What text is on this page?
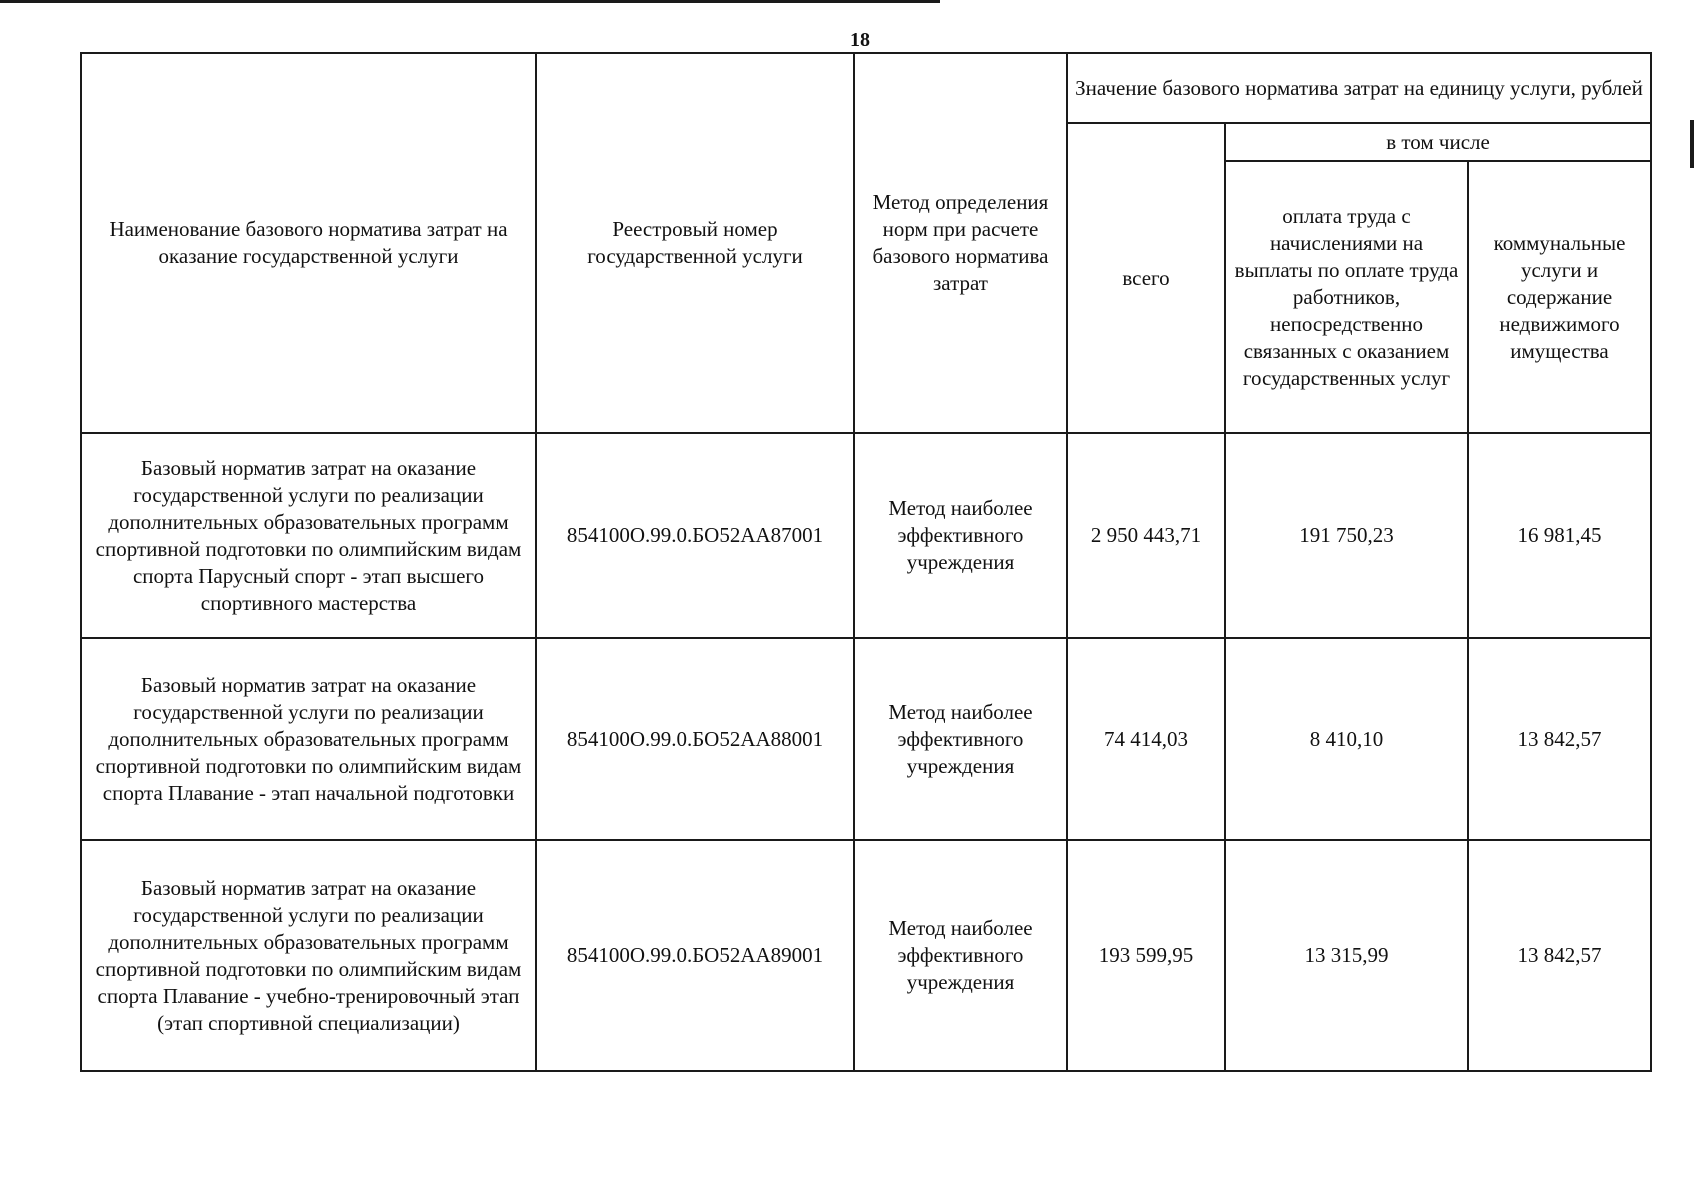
18
Наименование базового норматива затрат на оказание государственной услуги	Реестровый номер государственной услуги	Метод определения норм при расчете базового норматива затрат	Значение базового норматива затрат на единицу услуги, рублей		
			всего	в том числе	
				оплата труда с начислениями на выплаты по оплате труда работников, непосредственно связанных с оказанием государственных услуг	коммунальные услуги и содержание недвижимого имущества
Базовый норматив затрат на оказание государственной услуги по реализации дополнительных образовательных программ спортивной подготовки по олимпийским видам спорта Парусный спорт - этап высшего спортивного мастерства	854100О.99.0.БО52АА87001	Метод наиболее эффективного учреждения	2 950 443,71	191 750,23	16 981,45
Базовый норматив затрат на оказание государственной услуги по реализации дополнительных образовательных программ спортивной подготовки по олимпийским видам спорта Плавание - этап начальной подготовки	854100О.99.0.БО52АА88001	Метод наиболее эффективного учреждения	74 414,03	8 410,10	13 842,57
Базовый норматив затрат на оказание государственной услуги по реализации дополнительных образовательных программ спортивной подготовки по олимпийским видам спорта Плавание - учебно-тренировочный этап (этап спортивной специализации)	854100О.99.0.БО52АА89001	Метод наиболее эффективного учреждения	193 599,95	13 315,99	13 842,57
